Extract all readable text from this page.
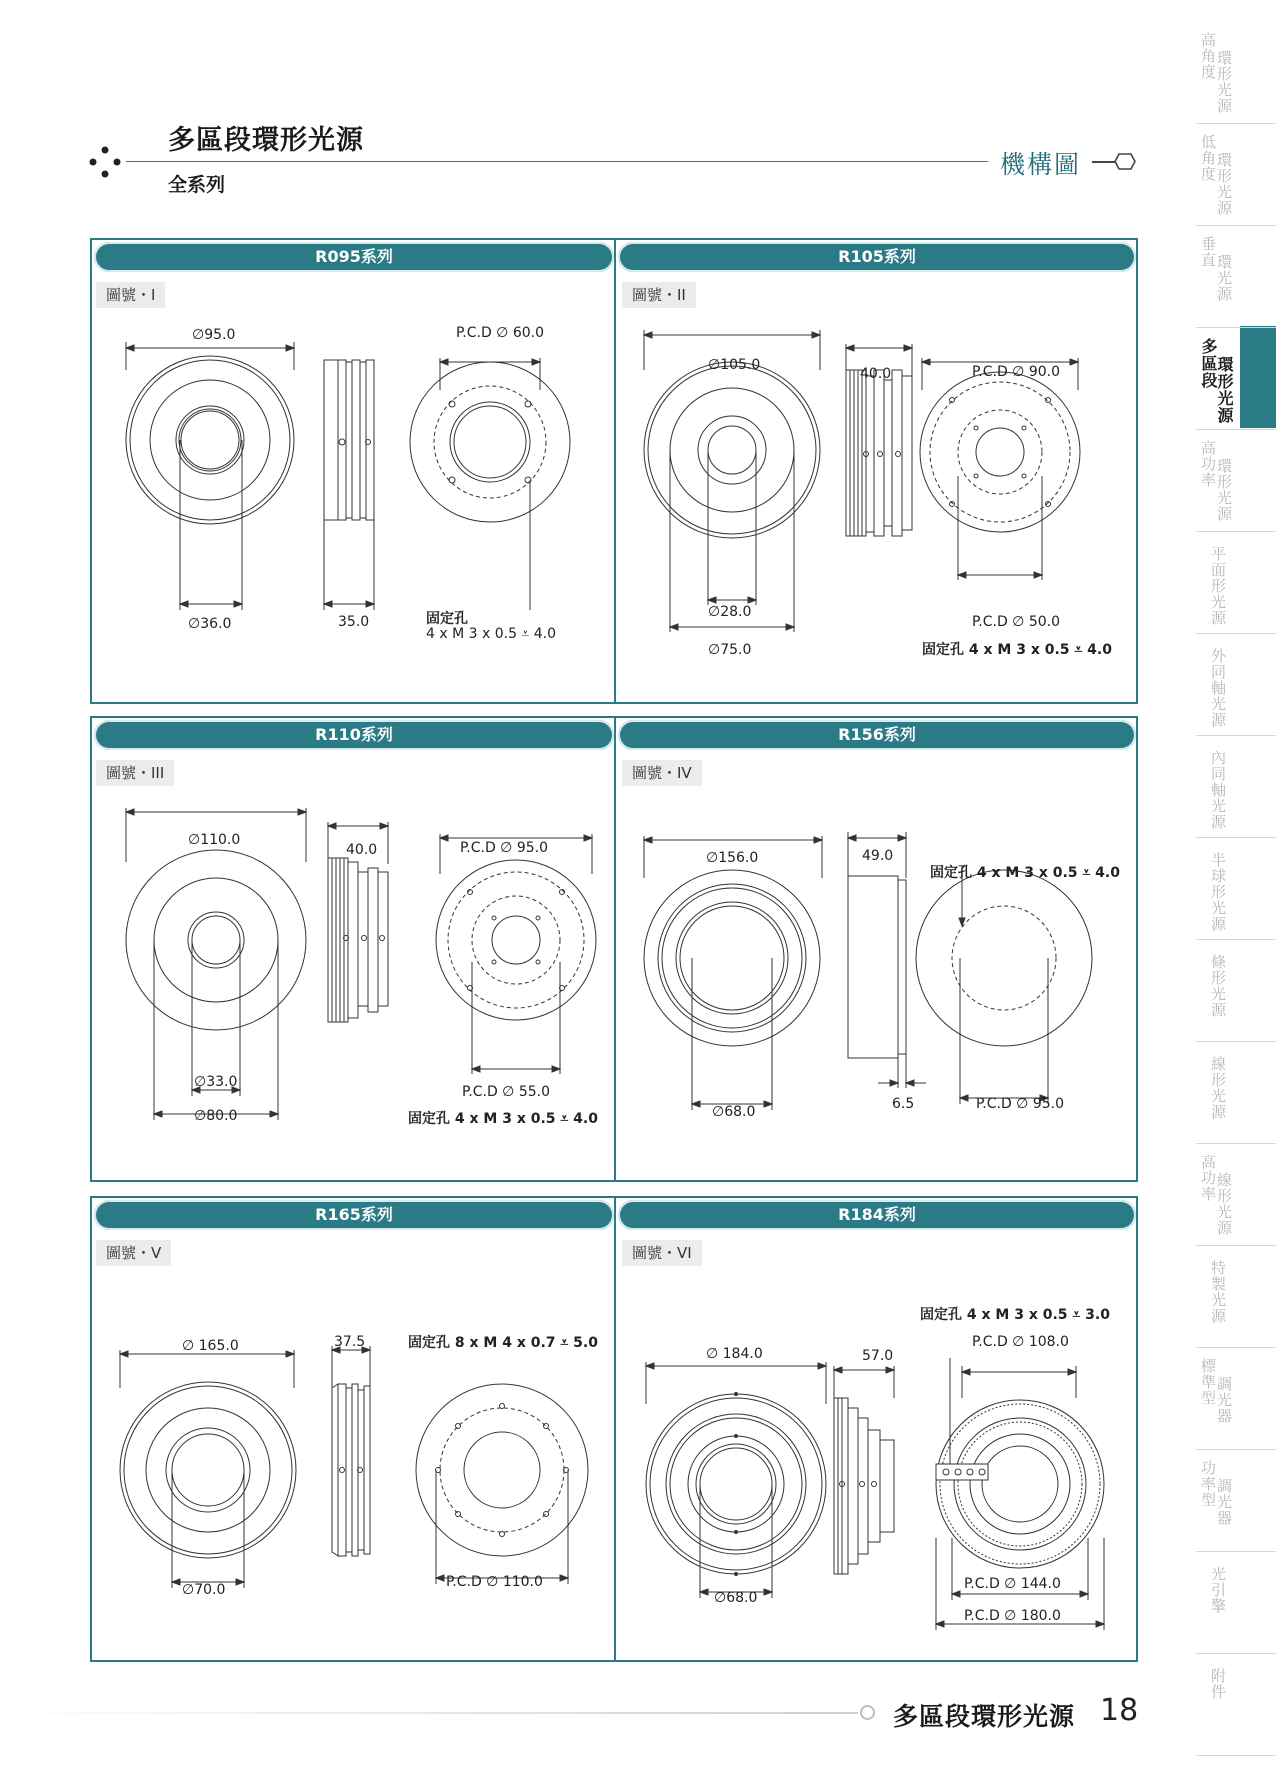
多區段環形光源
全系列
機構圖
環形光源
高角度
環形光源
低角度
環光源
垂直
環形光源
多區段
環形光源
高功率
平面形光源
外同軸光源
內同軸光源
半球形光源
條形光源
線形光源
線形光源
高功率
特製光源
調光器
標準型
調光器
功率型
光引擎
附件
R095系列	R105系列
圖號・I	圖號・II
∅95.0
∅36.0	35.0
P.C.D ∅ 60.0
固定孔
4 x M 3 x 0.5 ⩡ 4.0
∅105.0
40.0	P.C.D ∅ 90.0
∅28.0
∅75.0
P.C.D ∅ 50.0
固定孔 4 x M 3 x 0.5 ⩡ 4.0
R110系列	R156系列
圖號・III	圖號・IV
∅110.0
40.0	P.C.D ∅ 95.0
∅33.0
∅80.0
P.C.D ∅ 55.0
固定孔 4 x M 3 x 0.5 ⩡ 4.0
∅156.0	49.0
固定孔 4 x M 3 x 0.5 ⩡ 4.0
∅68.0	6.5	P.C.D ∅ 95.0
R165系列	R184系列
圖號・V	圖號・VI
∅ 165.0	37.5	固定孔 8 x M 4 x 0.7 ⩡ 5.0
∅70.0	P.C.D ∅ 110.0
固定孔 4 x M 3 x 0.5 ⩡ 3.0
∅ 184.0	57.0
P.C.D ∅ 108.0
∅68.0
P.C.D ∅ 144.0
P.C.D ∅ 180.0
多區段環形光源 18
